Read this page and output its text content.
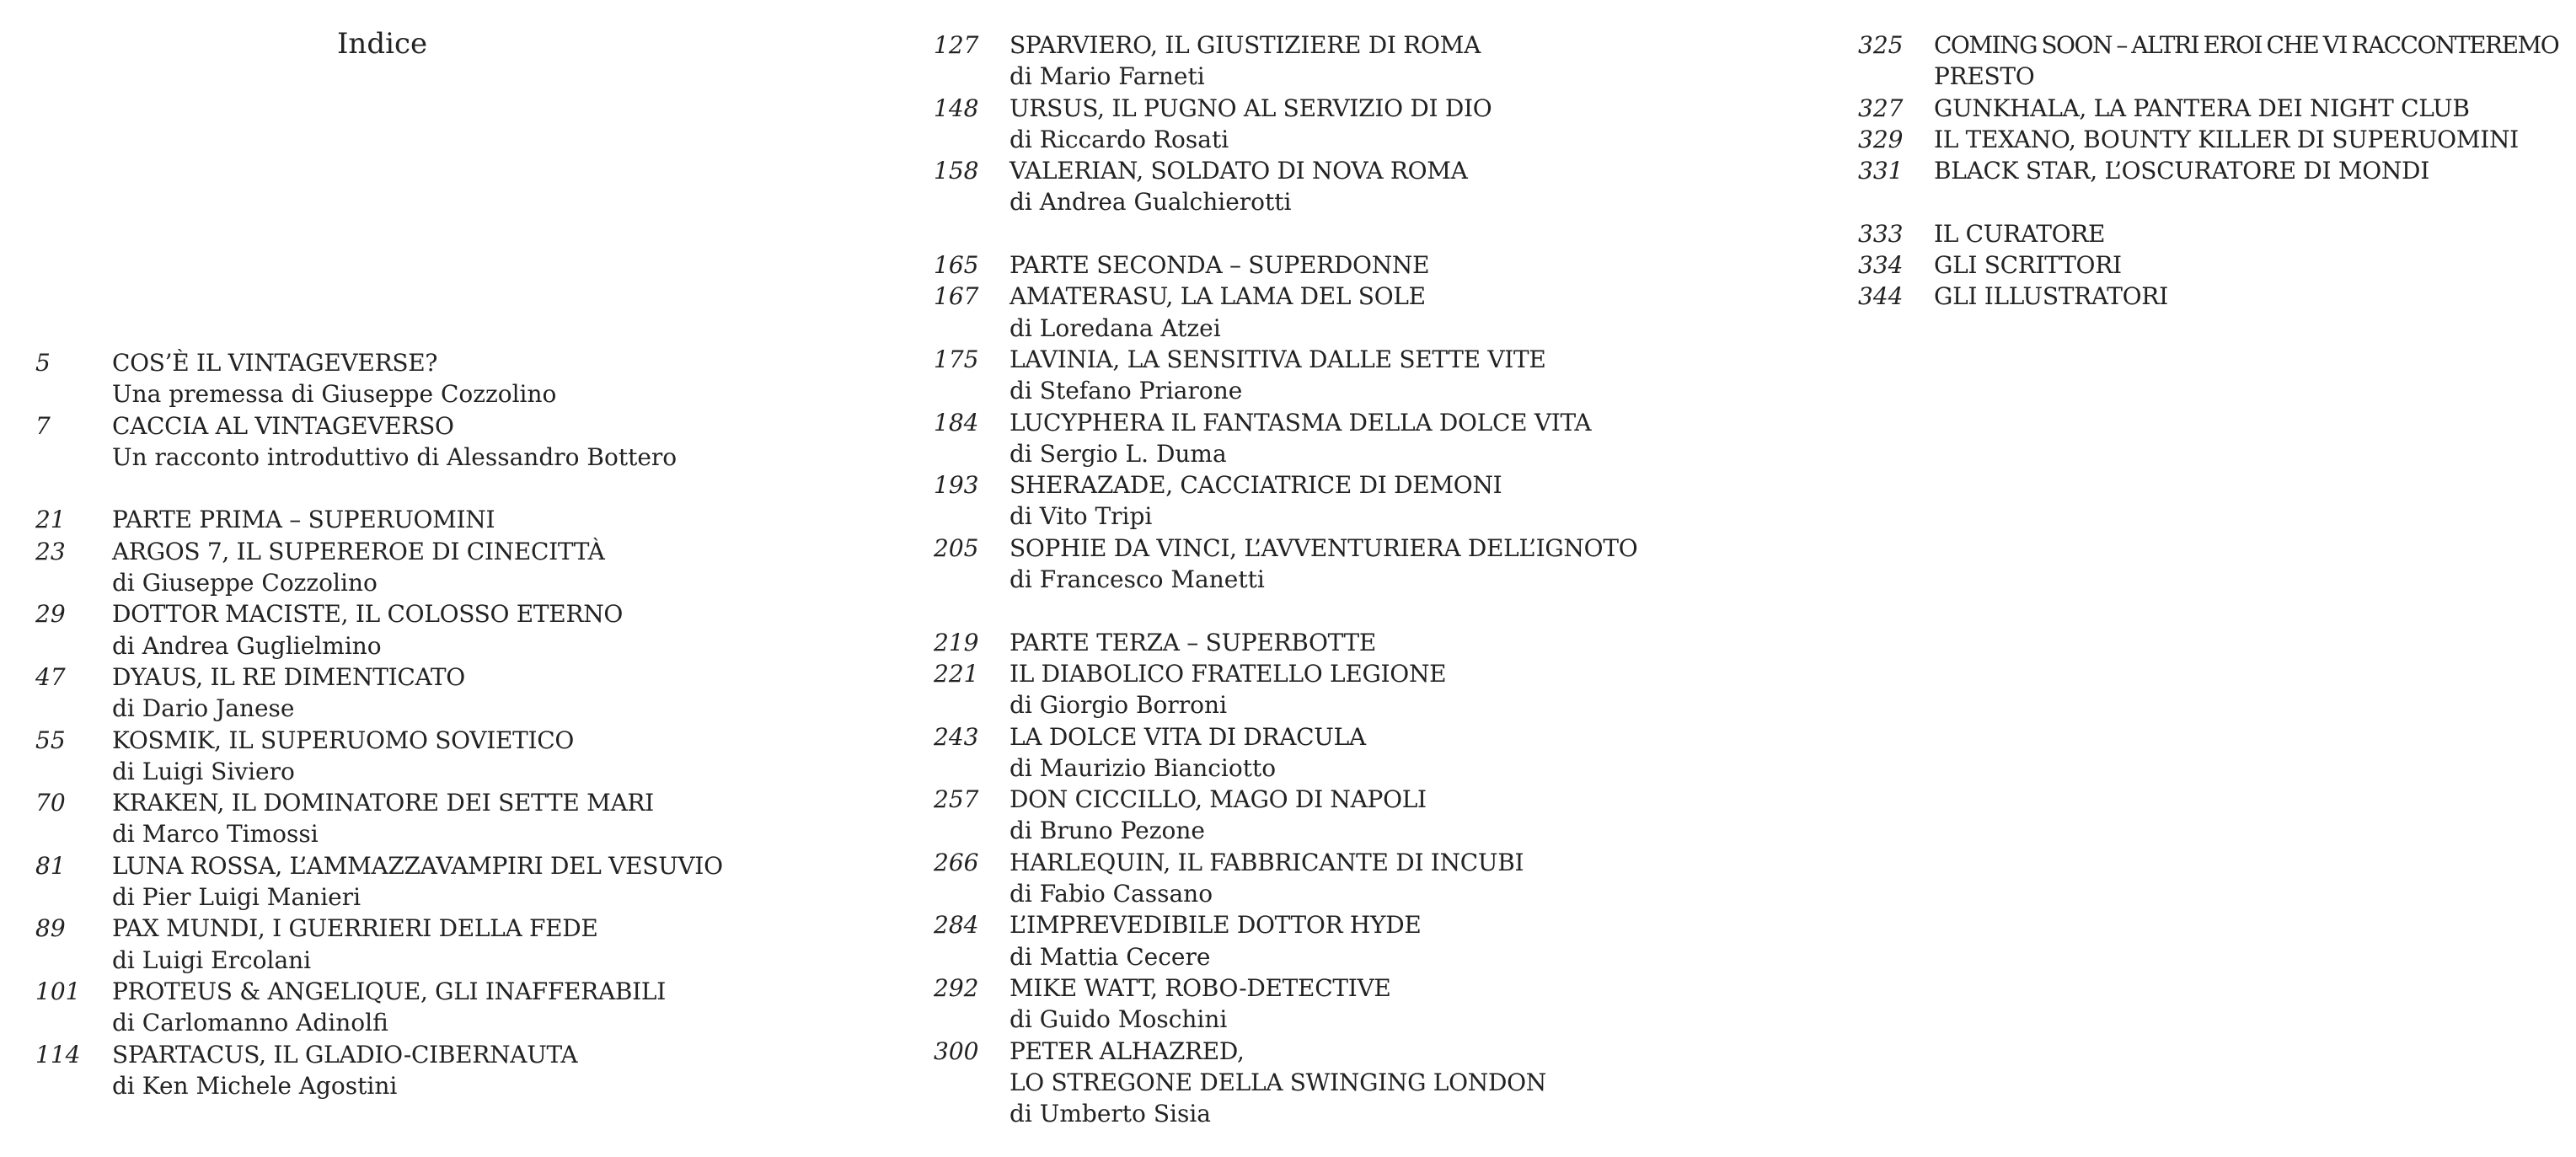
Indice
5	COS’È IL VINTAGEVERSE?
Una premessa di Giuseppe Cozzolino
7	CACCIA AL VINTAGEVERSO
Un racconto introduttivo di Alessandro Bottero
21 PARTE PRIMA – SUPERUOMINI
23 ARGOS 7, IL SUPEREROE DI CINECITTÀ
di Giuseppe Cozzolino
29 DOTTOR MACISTE, IL COLOSSO ETERNO
di Andrea Guglielmino
47 DYAUS, IL RE DIMENTICATO
di Dario Janese
55 KOSMIK, IL SUPERUOMO SOVIETICO
di Luigi Siviero
70 KRAKEN, IL DOMINATORE DEI SETTE MARI
di Marco Timossi
81 LUNA ROSSA, L’AMMAZZAVAMPIRI DEL VESUVIO
di Pier Luigi Manieri
89 PAX MUNDI, I GUERRIERI DELLA FEDE
di Luigi Ercolani
101 PROTEUS & ANGELIQUE, GLI INAFFERABILI
di Carlomanno Adinolfi
114 SPARTACUS, IL GLADIO-CIBERNAUTA
di Ken Michele Agostini
127 SPARVIERO, IL GIUSTIZIERE DI ROMA
di Mario Farneti
148 URSUS, IL PUGNO AL SERVIZIO DI DIO
di Riccardo Rosati
158 VALERIAN, SOLDATO DI NOVA ROMA
di Andrea Gualchierotti
165 PARTE SECONDA – SUPERDONNE
167 AMATERASU, LA LAMA DEL SOLE
di Loredana Atzei
175 LAVINIA, LA SENSITIVA DALLE SETTE VITE
di Stefano Priarone
184 LUCYPHERA IL FANTASMA DELLA DOLCE VITA
di Sergio L. Duma
193 SHERAZADE, CACCIATRICE DI DEMONI
di Vito Tripi
205 SOPHIE DA VINCI, L’AVVENTURIERA DELL’IGNOTO
di Francesco Manetti
219 PARTE TERZA – SUPERBOTTE
221 IL DIABOLICO FRATELLO LEGIONE
di Giorgio Borroni
243 LA DOLCE VITA DI DRACULA
di Maurizio Bianciotto
257 DON CICCILLO, MAGO DI NAPOLI
di Bruno Pezone
266 HARLEQUIN, IL FABBRICANTE DI INCUBI
di Fabio Cassano
284 L’IMPREVEDIBILE DOTTOR HYDE
di Mattia Cecere
292 MIKE WATT, ROBO-DETECTIVE
di Guido Moschini
300 PETER ALHAZRED,
LO STREGONE DELLA SWINGING LONDON
di Umberto Sisia
325 COMING SOON – ALTRI EROI CHE VI RACCONTEREMO
PRESTO
327 GUNKHALA, LA PANTERA DEI NIGHT CLUB
329 IL TEXANO, BOUNTY KILLER DI SUPERUOMINI
331 BLACK STAR, L’OSCURATORE DI MONDI
333 IL CURATORE
334 GLI SCRITTORI
344 GLI ILLUSTRATORI
